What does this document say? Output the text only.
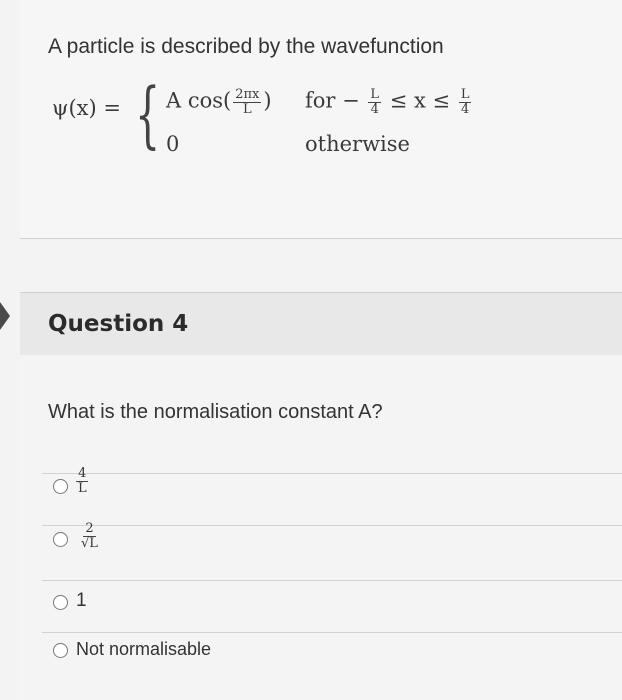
A particle is described by the wavefunction
ψ(x) = { A $\cos( \frac{2\pi x}{L}$ ) for − $\frac{L}{4} \le x \le \frac{L}{4}$
0	otherwise
Question 4
What is the normalisation constant A?
$\frac{4}{L}$
$\frac{2}{√L}$
1
Not normalisable
